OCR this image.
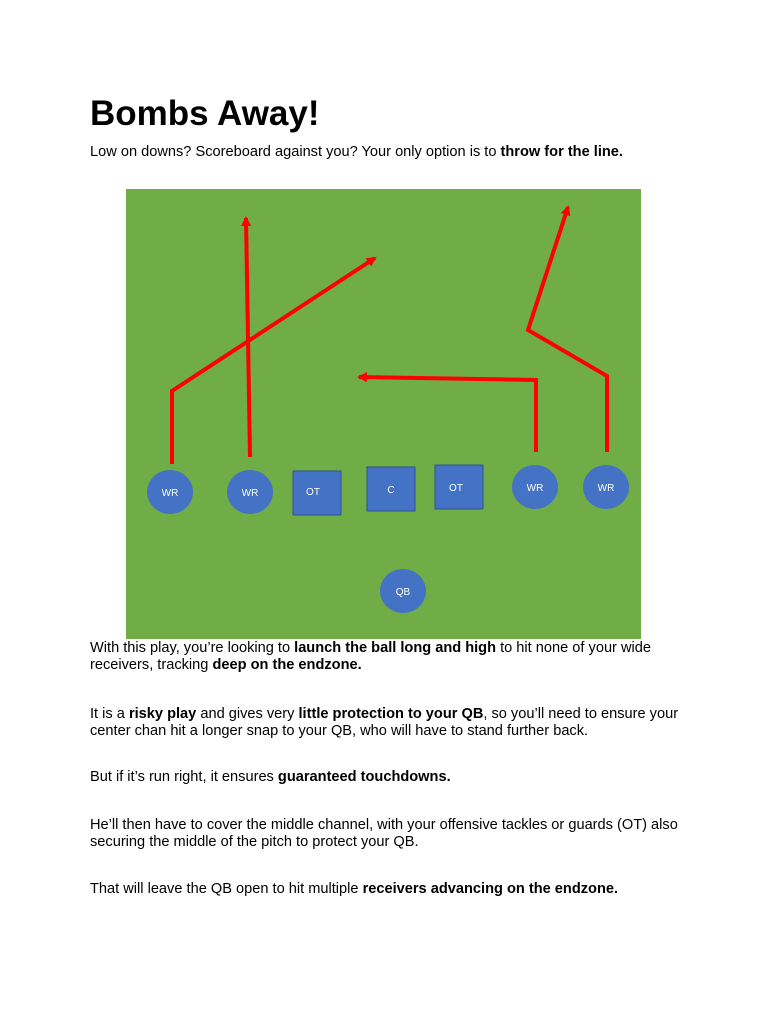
Bombs Away!

Low on downs? Scoreboard against you? Your only option is to throw for the line.

WR	WR	OT	C	OT	WR	WR
QB

With this play, you’re looking to launch the ball long and high to hit none of your wide receivers, tracking deep on the endzone.

It is a risky play and gives very little protection to your QB, so you’ll need to ensure your center chan hit a longer snap to your QB, who will have to stand further back.

But if it’s run right, it ensures guaranteed touchdowns.

He’ll then have to cover the middle channel, with your offensive tackles or guards (OT) also securing the middle of the pitch to protect your QB.

That will leave the QB open to hit multiple receivers advancing on the endzone.
